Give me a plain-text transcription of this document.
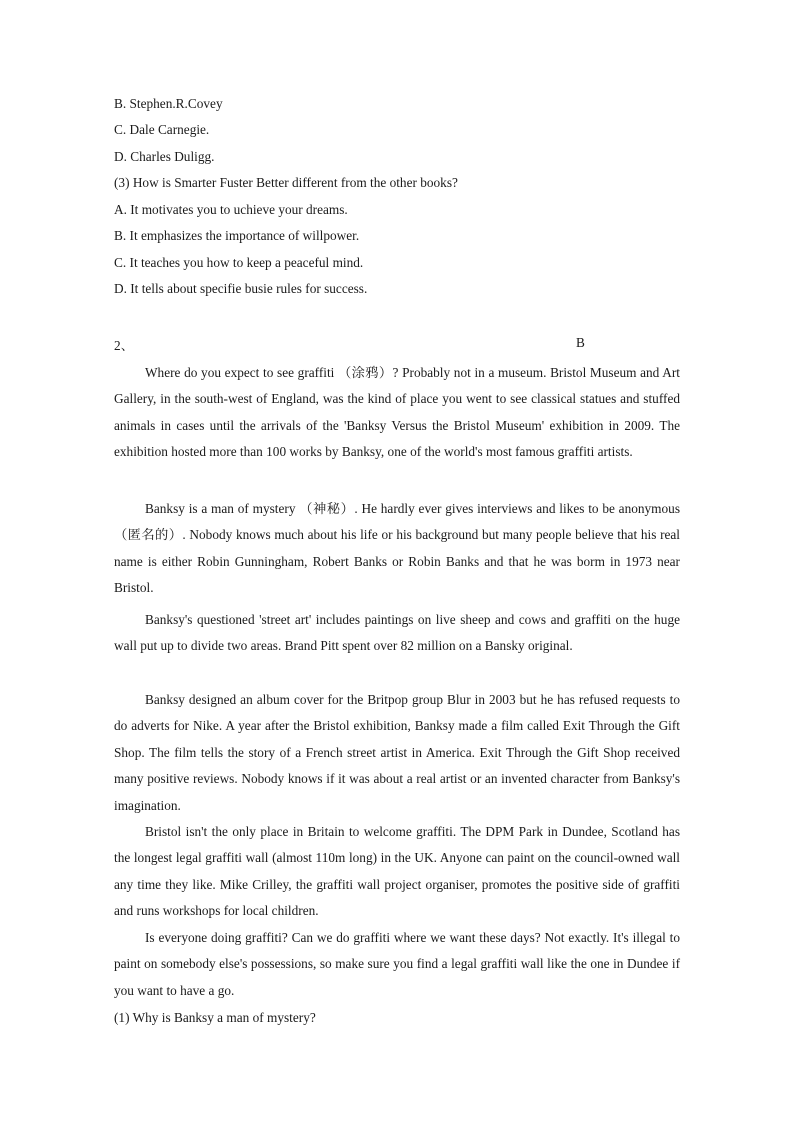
B. Stephen.R.Covey
C. Dale Carnegie.
D. Charles Duligg.
(3) How is Smarter Fuster Better different from the other books?
A. It motivates you to uchieve your dreams.
B. It emphasizes the importance of willpower.
C. It teaches you how to keep a peaceful mind.
D. It tells about specifie busie rules for success.
2、	B
Where do you expect to see graffiti （涂鸦）? Probably not in a museum. Bristol Museum and Art Gallery, in the south-west of England, was the kind of place you went to see classical statues and stuffed animals in cases until the arrivals of the 'Banksy Versus the Bristol Museum' exhibition in 2009. The exhibition hosted more than 100 works by Banksy, one of the world's most famous graffiti artists.
Banksy is a man of mystery （神秘）. He hardly ever gives interviews and likes to be anonymous （匿名的）. Nobody knows much about his life or his background but many people believe that his real name is either Robin Gunningham, Robert Banks or Robin Banks and that he was borm in 1973 near Bristol.
Banksy's questioned 'street art' includes paintings on live sheep and cows and graffiti on the huge wall put up to divide two areas. Brand Pitt spent over 82 million on a Bansky original.
Banksy designed an album cover for the Britpop group Blur in 2003 but he has refused requests to do adverts for Nike. A year after the Bristol exhibition, Banksy made a film called Exit Through the Gift Shop. The film tells the story of a French street artist in America. Exit Through the Gift Shop received many positive reviews. Nobody knows if it was about a real artist or an invented character from Banksy's imagination.
Bristol isn't the only place in Britain to welcome graffiti. The DPM Park in Dundee, Scotland has the longest legal graffiti wall (almost 110m long) in the UK. Anyone can paint on the council-owned wall any time they like. Mike Crilley, the graffiti wall project organiser, promotes the positive side of graffiti and runs workshops for local children.
Is everyone doing graffiti? Can we do graffiti where we want these days? Not exactly. It's illegal to paint on somebody else's possessions, so make sure you find a legal graffiti wall like the one in Dundee if you want to have a go.
(1) Why is Banksy a man of mystery?
